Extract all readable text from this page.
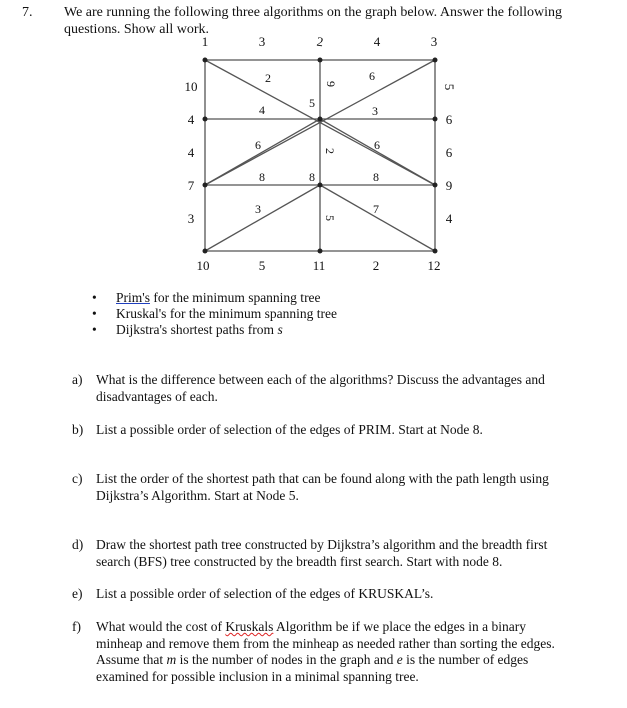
7. We are running the following three algorithms on the graph below. Answer the following questions. Show all work.
1	3	2	4	3
10
4
4
7
3
5
6
6
9
4
10	5	11	2	12
2	9
6
4	5
3
6	2	6
8	8	8
3
5
7
• Prim's for the minimum spanning tree
• Kruskal's for the minimum spanning tree
• Dijkstra's shortest paths from s
a) What is the difference between each of the algorithms? Discuss the advantages and disadvantages of each.
b) List a possible order of selection of the edges of PRIM. Start at Node 8.
c) List the order of the shortest path that can be found along with the path length using Dijkstra’s Algorithm. Start at Node 5.
d) Draw the shortest path tree constructed by Dijkstra’s algorithm and the breadth first search (BFS) tree constructed by the breadth first search. Start with node 8.
e) List a possible order of selection of the edges of KRUSKAL’s.
f) What would the cost of Kruskals Algorithm be if we place the edges in a binary minheap and remove them from the minheap as needed rather than sorting the edges. Assume that m is the number of nodes in the graph and e is the number of edges examined for possible inclusion in a minimal spanning tree.
